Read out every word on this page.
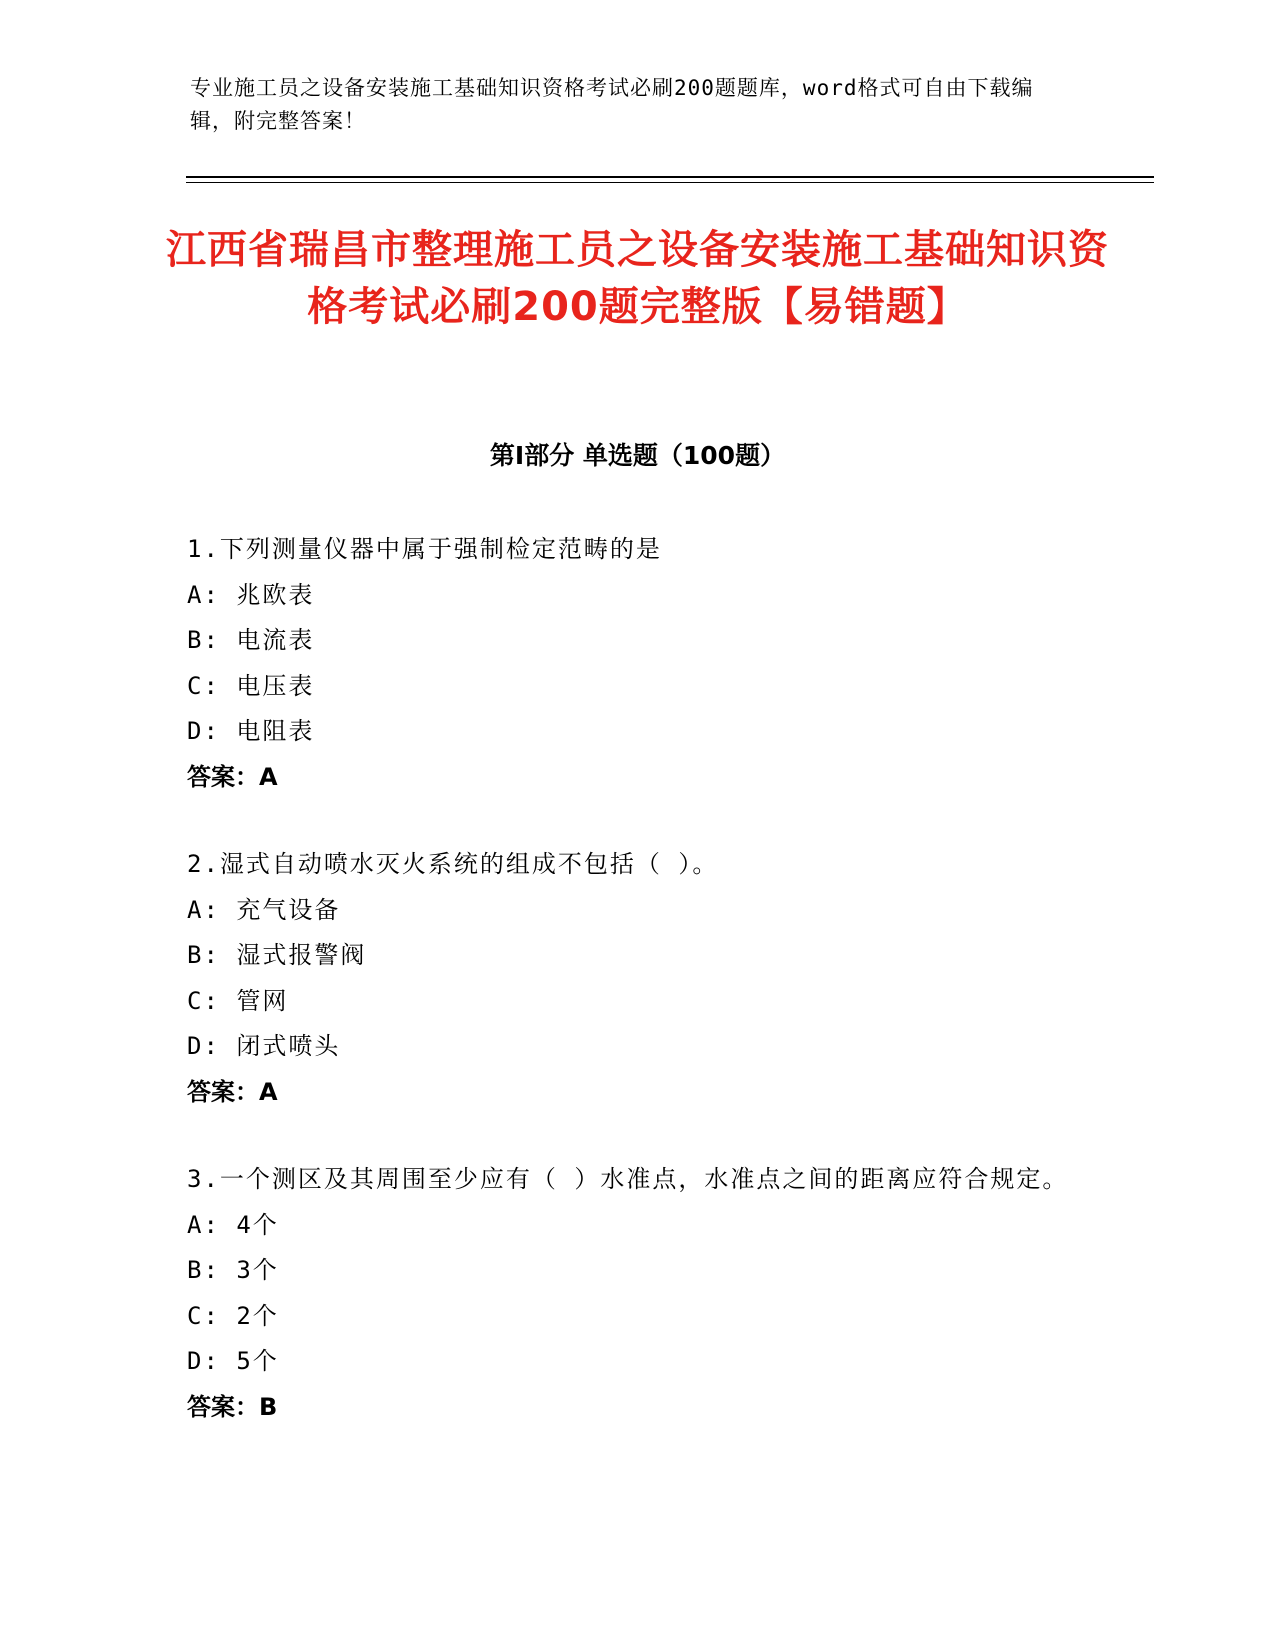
专业施工员之设备安装施工基础知识资格考试必刷200题题库，word格式可自由下载编辑，附完整答案！
江西省瑞昌市整理施工员之设备安装施工基础知识资格考试必刷200题完整版【易错题】
第I部分 单选题（100题）
1.下列测量仪器中属于强制检定范畴的是
A: 兆欧表
B: 电流表
C: 电压表
D: 电阻表
答案：A
2.湿式自动喷水灭火系统的组成不包括（ ）。
A: 充气设备
B: 湿式报警阀
C: 管网
D: 闭式喷头
答案：A
3.一个测区及其周围至少应有（ ）水准点，水准点之间的距离应符合规定。
A: 4个
B: 3个
C: 2个
D: 5个
答案：B
